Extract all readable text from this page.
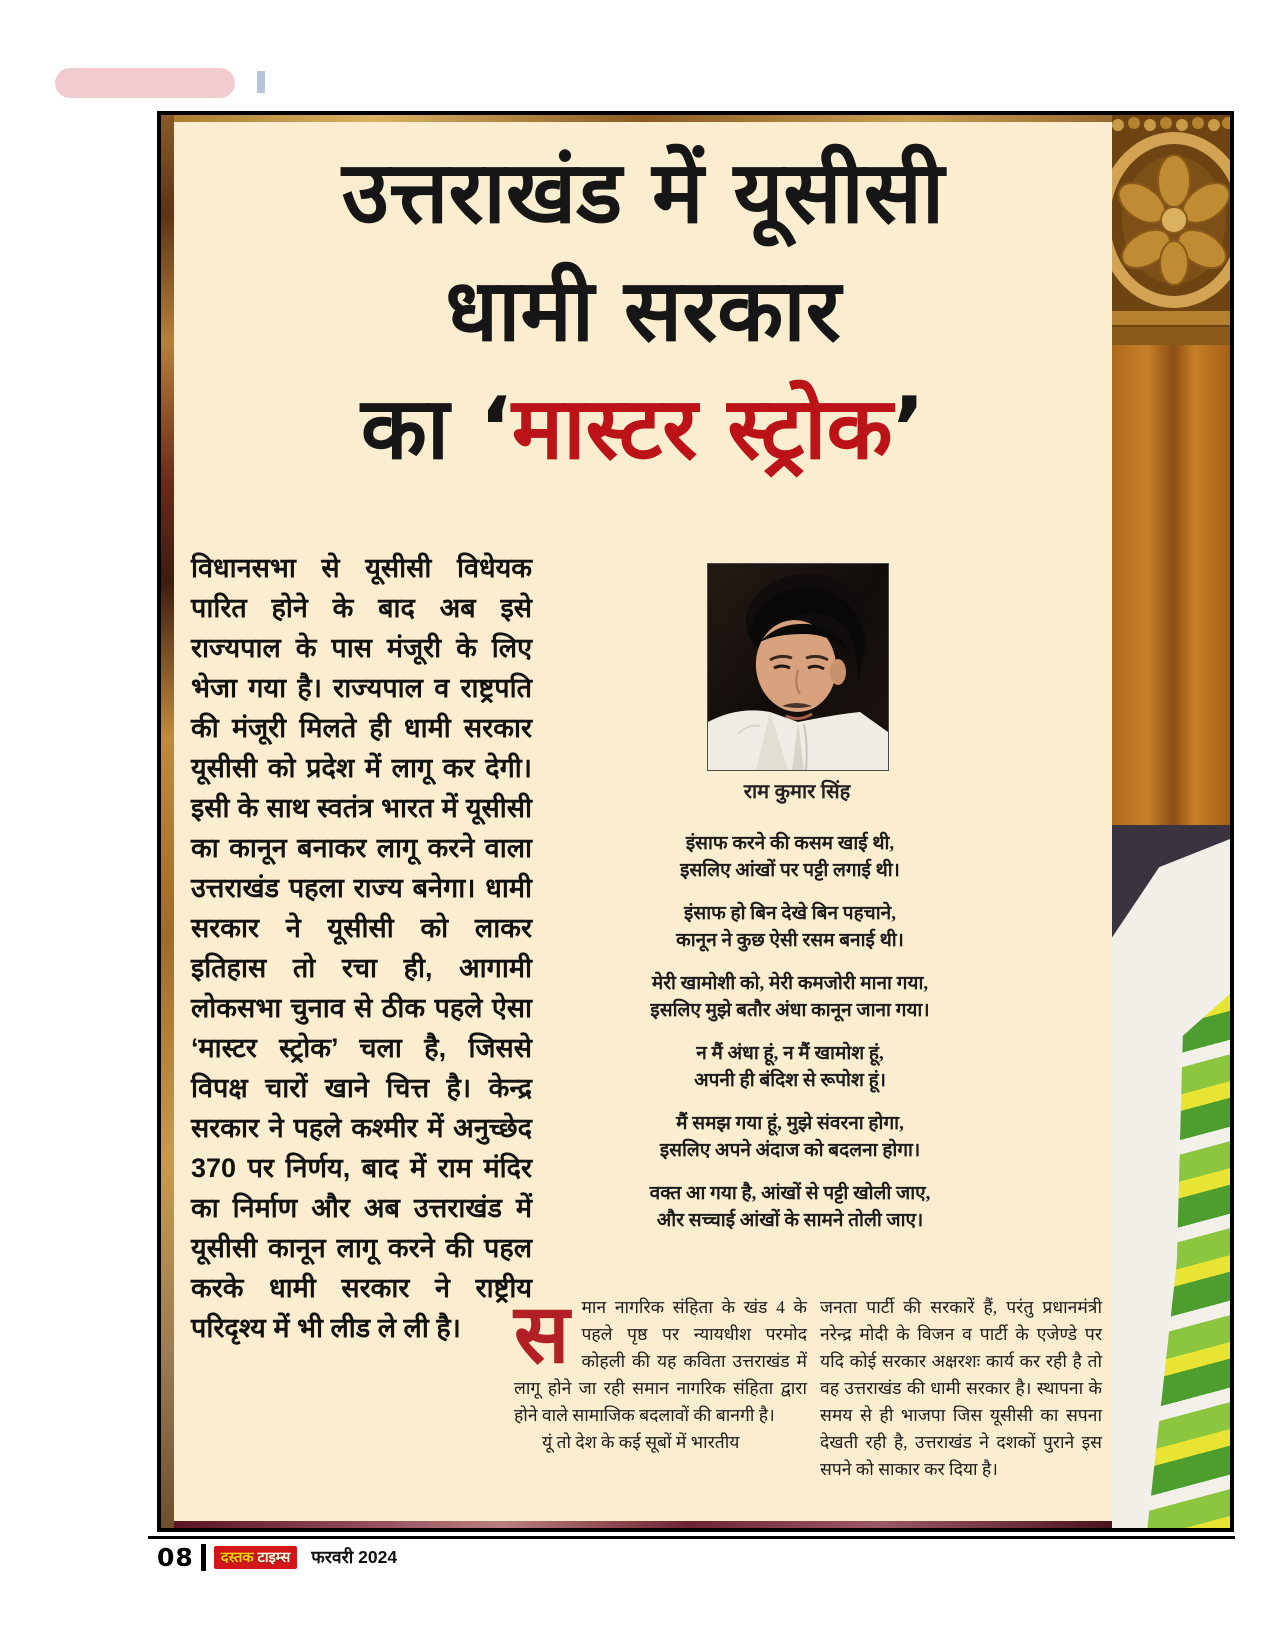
उत्तराखंड में यूसीसी
धामी सरकार
का ‘मास्टर स्ट्रोक’
विधानसभा से यूसीसी विधेयक पारित होने के बाद अब इसे राज्यपाल के पास मंजूरी के लिए भेजा गया है। राज्यपाल व राष्ट्रपति की मंजूरी मिलते ही धामी सरकार यूसीसी को प्रदेश में लागू कर देगी। इसी के साथ स्वतंत्र भारत में यूसीसी का कानून बनाकर लागू करने वाला उत्तराखंड पहला राज्य बनेगा। धामी सरकार ने यूसीसी को लाकर इतिहास तो रचा ही, आगामी लोकसभा चुनाव से ठीक पहले ऐसा ‘मास्टर स्ट्रोक’ चला है, जिससे विपक्ष चारों खाने चित्त है। केन्द्र सरकार ने पहले कश्मीर में अनुच्छेद 370 पर निर्णय, बाद में राम मंदिर का निर्माण और अब उत्तराखंड में यूसीसी कानून लागू करने की पहल करके धामी सरकार ने राष्ट्रीय परिदृश्य में भी लीड ले ली है।
राम कुमार सिंह
इंसाफ करने की कसम खाई थी,
इसलिए आंखों पर पट्टी लगाई थी।
इंसाफ हो बिन देखे बिन पहचाने,
कानून ने कुछ ऐसी रसम बनाई थी।
मेरी खामोशी को, मेरी कमजोरी माना गया,
इसलिए मुझे बतौर अंधा कानून जाना गया।
न मैं अंधा हूं, न मैं खामोश हूं,
अपनी ही बंदिश से रूपोश हूं।
मैं समझ गया हूं, मुझे संवरना होगा,
इसलिए अपने अंदाज को बदलना होगा।
वक्त आ गया है, आंखों से पट्टी खोली जाए,
और सच्चाई आंखों के सामने तोली जाए।
स मान नागरिक संहिता के खंड 4 के पहले पृष्ठ पर न्यायधीश परमोद कोहली की यह कविता उत्तराखंड में लागू होने जा रही समान नागरिक संहिता द्वारा होने वाले सामाजिक बदलावों की बानगी है।
यूं तो देश के कई सूबों में भारतीय
जनता पार्टी की सरकारें हैं, परंतु प्रधानमंत्री नरेन्द्र मोदी के विजन व पार्टी के एजेण्डे पर यदि कोई सरकार अक्षरशः कार्य कर रही है तो वह उत्तराखंड की धामी सरकार है। स्थापना के समय से ही भाजपा जिस यूसीसी का सपना देखती रही है, उत्तराखंड ने दशकों पुराने इस सपने को साकार कर दिया है।
08 दस्तक टाइम्स फरवरी 2024
